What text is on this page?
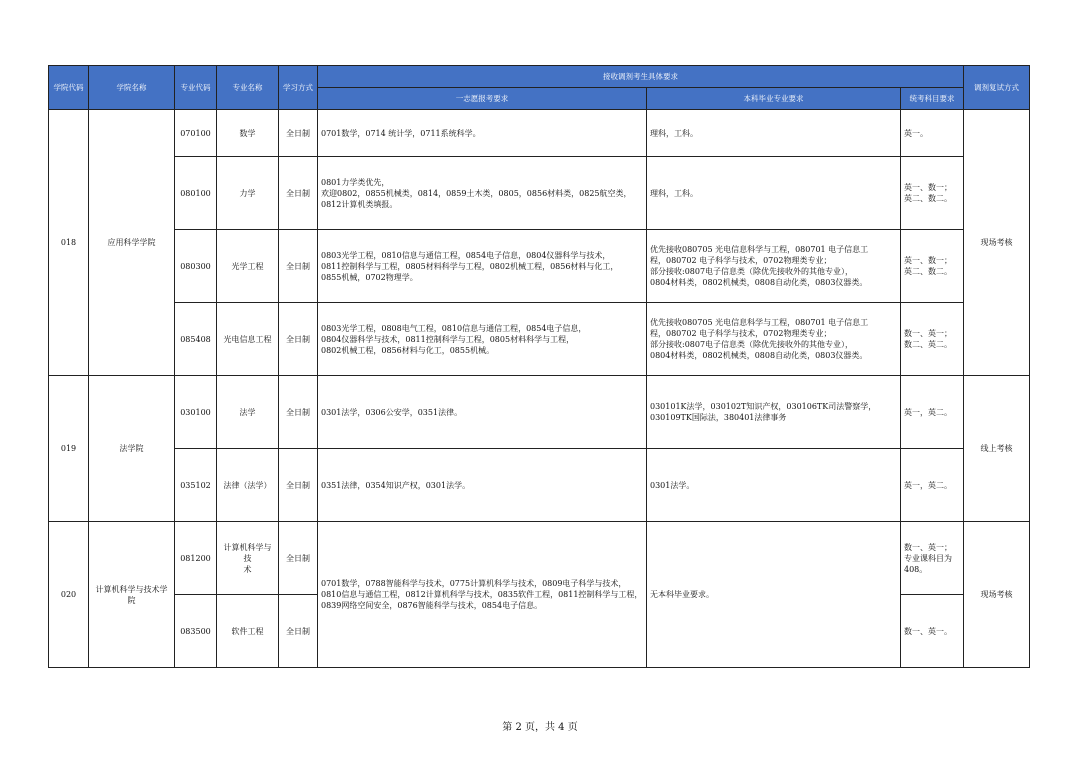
学院代码	学院名称	专业代码	专业名称	学习方式	接收调剂考生具体要求			调剂复试方式
					一志愿报考要求	本科毕业专业要求	统考科目要求	
018	应用科学学院	070100	数学	全日制	0701数学，0714 统计学，0711系统科学。	理科，工科。	英一。	现场考核
		080100	力学	全日制	0801力学类优先，
欢迎0802，0855机械类，0814，0859土木类，0805，0856材料类，0825航空类，
0812计算机类填报。	理科，工科。	英一、数一；
英二、数二。	
		080300	光学工程	全日制	0803光学工程，0810信息与通信工程，0854电子信息，0804仪器科学与技术，
0811控制科学与工程，0805材料科学与工程，0802机械工程，0856材料与化工，
0855机械，0702物理学。	优先接收080705 光电信息科学与工程，080701 电子信息工
程，080702 电子科学与技术，0702物理类专业；
部分接收:0807电子信息类（除优先接收外的其他专业），
0804材料类，0802机械类，0808自动化类，0803仪器类。	英一、数一；
英二、数二。	
		085408	光电信息工程	全日制	0803光学工程，0808电气工程，0810信息与通信工程，0854电子信息，
0804仪器科学与技术，0811控制科学与工程，0805材料科学与工程，
0802机械工程，0856材料与化工，0855机械。	优先接收080705 光电信息科学与工程，080701 电子信息工
程，080702 电子科学与技术，0702物理类专业；
部分接收:0807电子信息类（除优先接收外的其他专业），
0804材料类，0802机械类，0808自动化类，0803仪器类。	数一、英一；
数二、英二。	
019	法学院	030100	法学	全日制	0301法学，0306公安学，0351法律。	030101K法学，030102T知识产权，030106TK司法警察学，
030109TK国际法，380401法律事务	英一，英二。	线上考核
		035102	法律（法学）	全日制	0351法律，0354知识产权，0301法学。	0301法学。	英一，英二。	
020	计算机科学与技术学院	081200	计算机科学与技
术	全日制	0701数学，0788智能科学与技术，0775计算机科学与技术，0809电子科学与技术，
0810信息与通信工程，0812计算机科学与技术，0835软件工程，0811控制科学与工程，
0839网络空间安全，0876智能科学与技术，0854电子信息。	无本科毕业要求。	数一、英一；
专业课科目为
408。	现场考核
		083500	软件工程	全日制			数一、英一。	
第 2 页，共 4 页
